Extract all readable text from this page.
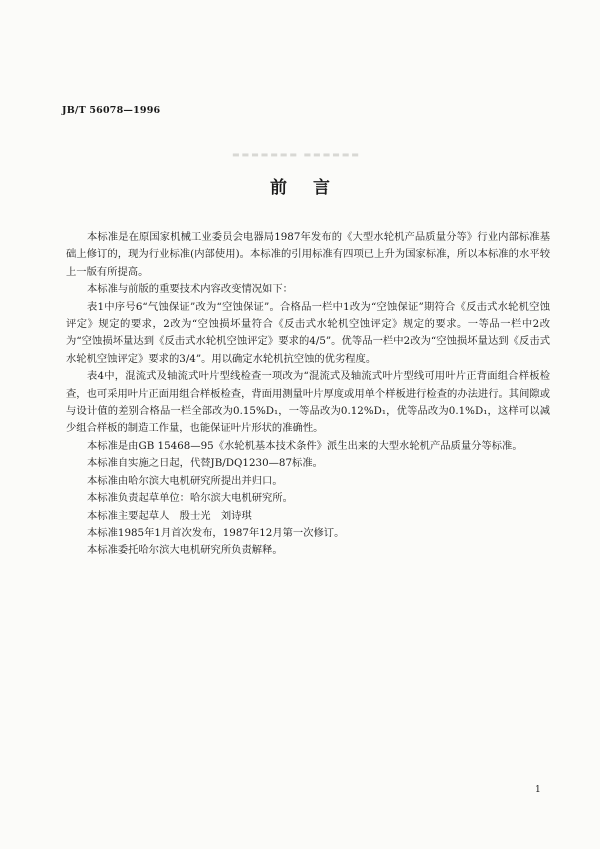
JB/T 56078—1996
▬▬▬▬▬▬▬ ▬▬▬▬▬▬
前言

本标准是在原国家机械工业委员会电器局1987年发布的《大型水轮机产品质量分等》行业内部标准基础上修订的，现为行业标准(内部使用)。本标准的引用标准有四项已上升为国家标准，所以本标准的水平较上一版有所提高。

本标准与前版的重要技术内容改变情况如下：

表1中序号6“气蚀保证”改为“空蚀保证”。合格品一栏中1改为“空蚀保证”期符合《反击式水轮机空蚀评定》规定的要求，2改为“空蚀损坏量符合《反击式水轮机空蚀评定》规定的要求。一等品一栏中2改为“空蚀损坏量达到《反击式水轮机空蚀评定》要求的4/5”。优等品一栏中2改为“空蚀损坏量达到《反击式水轮机空蚀评定》要求的3/4”。用以确定水轮机抗空蚀的优劣程度。

表4中，混流式及轴流式叶片型线检查一项改为“混流式及轴流式叶片型线可用叶片正背面组合样板检查，也可采用叶片正面用组合样板检查，背面用测量叶片厚度或用单个样板进行检查的办法进行。其间隙或与设计值的差别合格品一栏全部改为0.15%D₁，一等品改为0.12%D₁，优等品改为0.1%D₁，这样可以减少组合样板的制造工作量，也能保证叶片形状的准确性。

本标准是由GB 15468—95《水轮机基本技术条件》派生出来的大型水轮机产品质量分等标准。

本标准自实施之日起，代替JB/DQ1230—87标准。

本标准由哈尔滨大电机研究所提出并归口。

本标准负责起草单位：哈尔滨大电机研究所。

本标准主要起草人　殷士光　刘诗琪

本标准1985年1月首次发布，1987年12月第一次修订。

本标准委托哈尔滨大电机研究所负责解释。

1
